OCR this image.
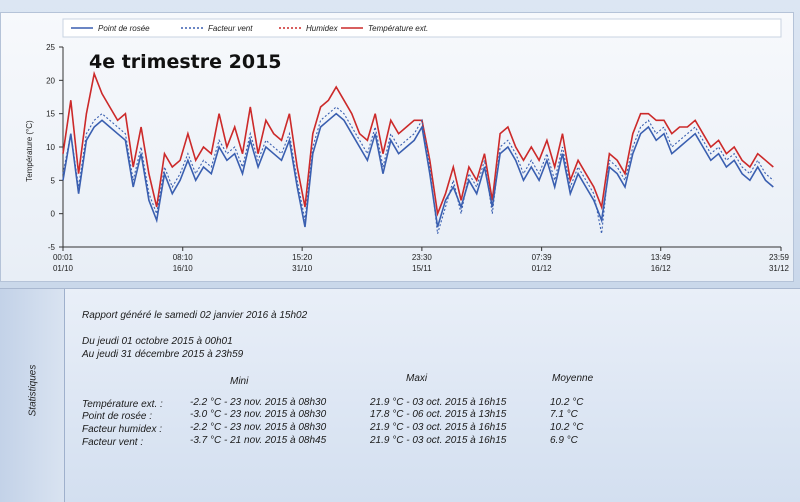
Point de rosée	Facteur vent	Humidex	Température ext.
-5
0
5
10
15
20
25
00:01
01/10
08:10
16/10
15:20
31/10
23:30
15/11
07:39
01/12
13:49
16/12
23:59
31/12
Température (°C)
4e trimestre 2015
Statistiques
Rapport généré le samedi 02 janvier 2016 à 15h02
Du jeudi 01 octobre 2015 à 00h01
Au jeudi 31 décembre 2015 à 23h59
Mini	Maxi	Moyenne
Température ext. :	-2.2 °C - 23 nov. 2015 à 08h30	21.9 °C - 03 oct. 2015 à 16h15	10.2 °C
Point de rosée :	-3.0 °C - 23 nov. 2015 à 08h30	17.8 °C - 06 oct. 2015 à 13h15	7.1 °C
Facteur humidex :	-2.2 °C - 23 nov. 2015 à 08h30	21.9 °C - 03 oct. 2015 à 16h15	10.2 °C
Facteur vent :	-3.7 °C - 21 nov. 2015 à 08h45	21.9 °C - 03 oct. 2015 à 16h15	6.9 °C
